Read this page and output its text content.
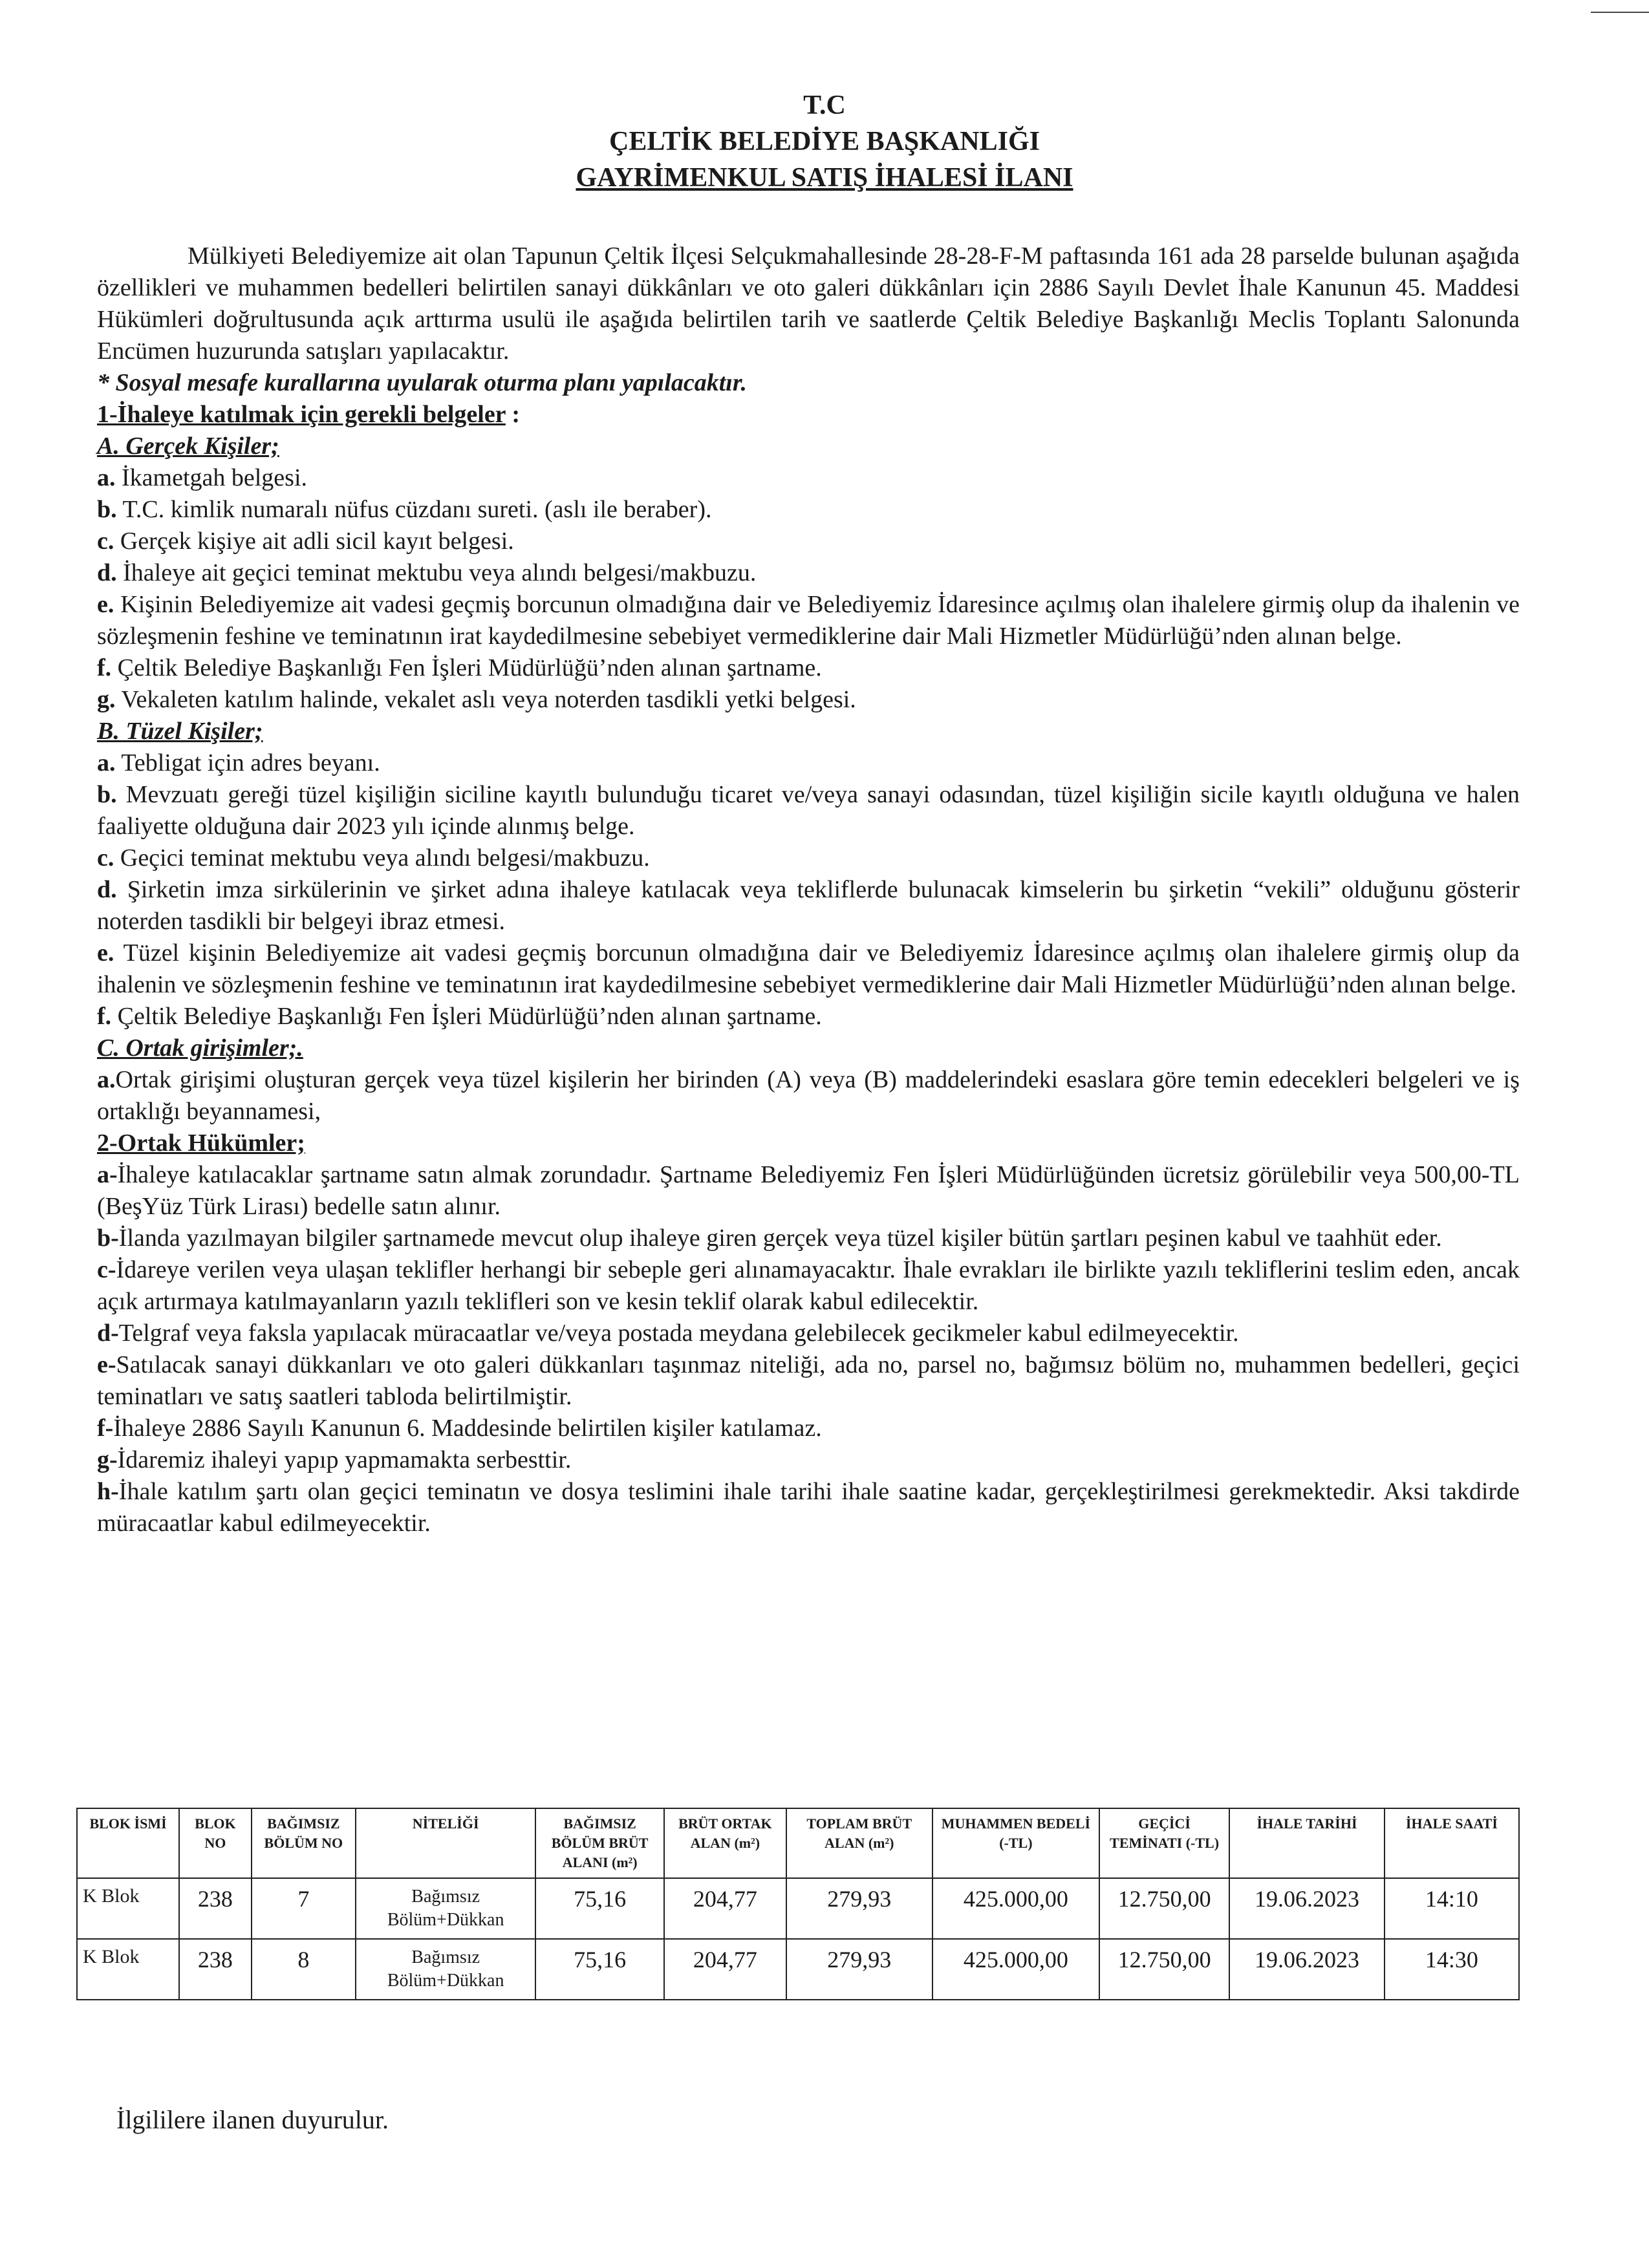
T.C
ÇELTİK BELEDİYE BAŞKANLIĞI
GAYRİMENKUL SATIŞ İHALESİ İLANI

Mülkiyeti Belediyemize ait olan Tapunun Çeltik İlçesi Selçukmahallesinde 28-28-F-M paftasında 161 ada 28 parselde bulunan aşağıda özellikleri ve muhammen bedelleri belirtilen sanayi dükkânları ve oto galeri dükkânları için 2886 Sayılı Devlet İhale Kanunun 45. Maddesi Hükümleri doğrultusunda açık arttırma usulü ile aşağıda belirtilen tarih ve saatlerde Çeltik Belediye Başkanlığı Meclis Toplantı Salonunda Encümen huzurunda satışları yapılacaktır.

* Sosyal mesafe kurallarına uyularak oturma planı yapılacaktır.

1-İhaleye katılmak için gerekli belgeler :
A. Gerçek Kişiler;

a. İkametgah belgesi.

b. T.C. kimlik numaralı nüfus cüzdanı sureti. (aslı ile beraber).

c. Gerçek kişiye ait adli sicil kayıt belgesi.

d. İhaleye ait geçici teminat mektubu veya alındı belgesi/makbuzu.

e. Kişinin Belediyemize ait vadesi geçmiş borcunun olmadığına dair ve Belediyemiz İdaresince açılmış olan ihalelere girmiş olup da ihalenin ve sözleşmenin feshine ve teminatının irat kaydedilmesine sebebiyet vermediklerine dair Mali Hizmetler Müdürlüğü’nden alınan belge.

f. Çeltik Belediye Başkanlığı Fen İşleri Müdürlüğü’nden alınan şartname.

g. Vekaleten katılım halinde, vekalet aslı veya noterden tasdikli yetki belgesi.

B. Tüzel Kişiler;

a. Tebligat için adres beyanı.

b. Mevzuatı gereği tüzel kişiliğin siciline kayıtlı bulunduğu ticaret ve/veya sanayi odasından, tüzel kişiliğin sicile kayıtlı olduğuna ve halen faaliyette olduğuna dair 2023 yılı içinde alınmış belge.

c. Geçici teminat mektubu veya alındı belgesi/makbuzu.

d. Şirketin imza sirkülerinin ve şirket adına ihaleye katılacak veya tekliflerde bulunacak kimselerin bu şirketin “vekili” olduğunu gösterir noterden tasdikli bir belgeyi ibraz etmesi.

e. Tüzel kişinin Belediyemize ait vadesi geçmiş borcunun olmadığına dair ve Belediyemiz İdaresince açılmış olan ihalelere girmiş olup da ihalenin ve sözleşmenin feshine ve teminatının irat kaydedilmesine sebebiyet vermediklerine dair Mali Hizmetler Müdürlüğü’nden alınan belge.

f. Çeltik Belediye Başkanlığı Fen İşleri Müdürlüğü’nden alınan şartname.

C. Ortak girişimler;.

a.Ortak girişimi oluşturan gerçek veya tüzel kişilerin her birinden (A) veya (B) maddelerindeki esaslara göre temin edecekleri belgeleri ve iş ortaklığı beyannamesi,

2-Ortak Hükümler;

a-İhaleye katılacaklar şartname satın almak zorundadır. Şartname Belediyemiz Fen İşleri Müdürlüğünden ücretsiz görülebilir veya 500,00-TL (BeşYüz Türk Lirası) bedelle satın alınır.

b-İlanda yazılmayan bilgiler şartnamede mevcut olup ihaleye giren gerçek veya tüzel kişiler bütün şartları peşinen kabul ve taahhüt eder.

c-İdareye verilen veya ulaşan teklifler herhangi bir sebeple geri alınamayacaktır. İhale evrakları ile birlikte yazılı tekliflerini teslim eden, ancak açık artırmaya katılmayanların yazılı teklifleri son ve kesin teklif olarak kabul edilecektir.

d-Telgraf veya faksla yapılacak müracaatlar ve/veya postada meydana gelebilecek gecikmeler kabul edilmeyecektir.

e-Satılacak sanayi dükkanları ve oto galeri dükkanları taşınmaz niteliği, ada no, parsel no, bağımsız bölüm no, muhammen bedelleri, geçici teminatları ve satış saatleri tabloda belirtilmiştir.

f-İhaleye 2886 Sayılı Kanunun 6. Maddesinde belirtilen kişiler katılamaz.

g-İdaremiz ihaleyi yapıp yapmamakta serbesttir.

h-İhale katılım şartı olan geçici teminatın ve dosya teslimini ihale tarihi ihale saatine kadar, gerçekleştirilmesi gerekmektedir. Aksi takdirde müracaatlar kabul edilmeyecektir.

BLOK İSMİ	BLOK NO	BAĞIMSIZ BÖLÜM NO	NİTELİĞİ	BAĞIMSIZ BÖLÜM BRÜT ALANI (m²)	BRÜT ORTAK ALAN (m²)	TOPLAM BRÜT ALAN (m²)	MUHAMMEN BEDELİ (-TL)	GEÇİCİ TEMİNATI (-TL)	İHALE TARİHİ	İHALE SAATİ
K Blok	238	7	Bağımsız Bölüm+Dükkan	75,16	204,77	279,93	425.000,00	12.750,00	19.06.2023	14:10
K Blok	238	8	Bağımsız Bölüm+Dükkan	75,16	204,77	279,93	425.000,00	12.750,00	19.06.2023	14:30
İlgililere ilanen duyurulur.
